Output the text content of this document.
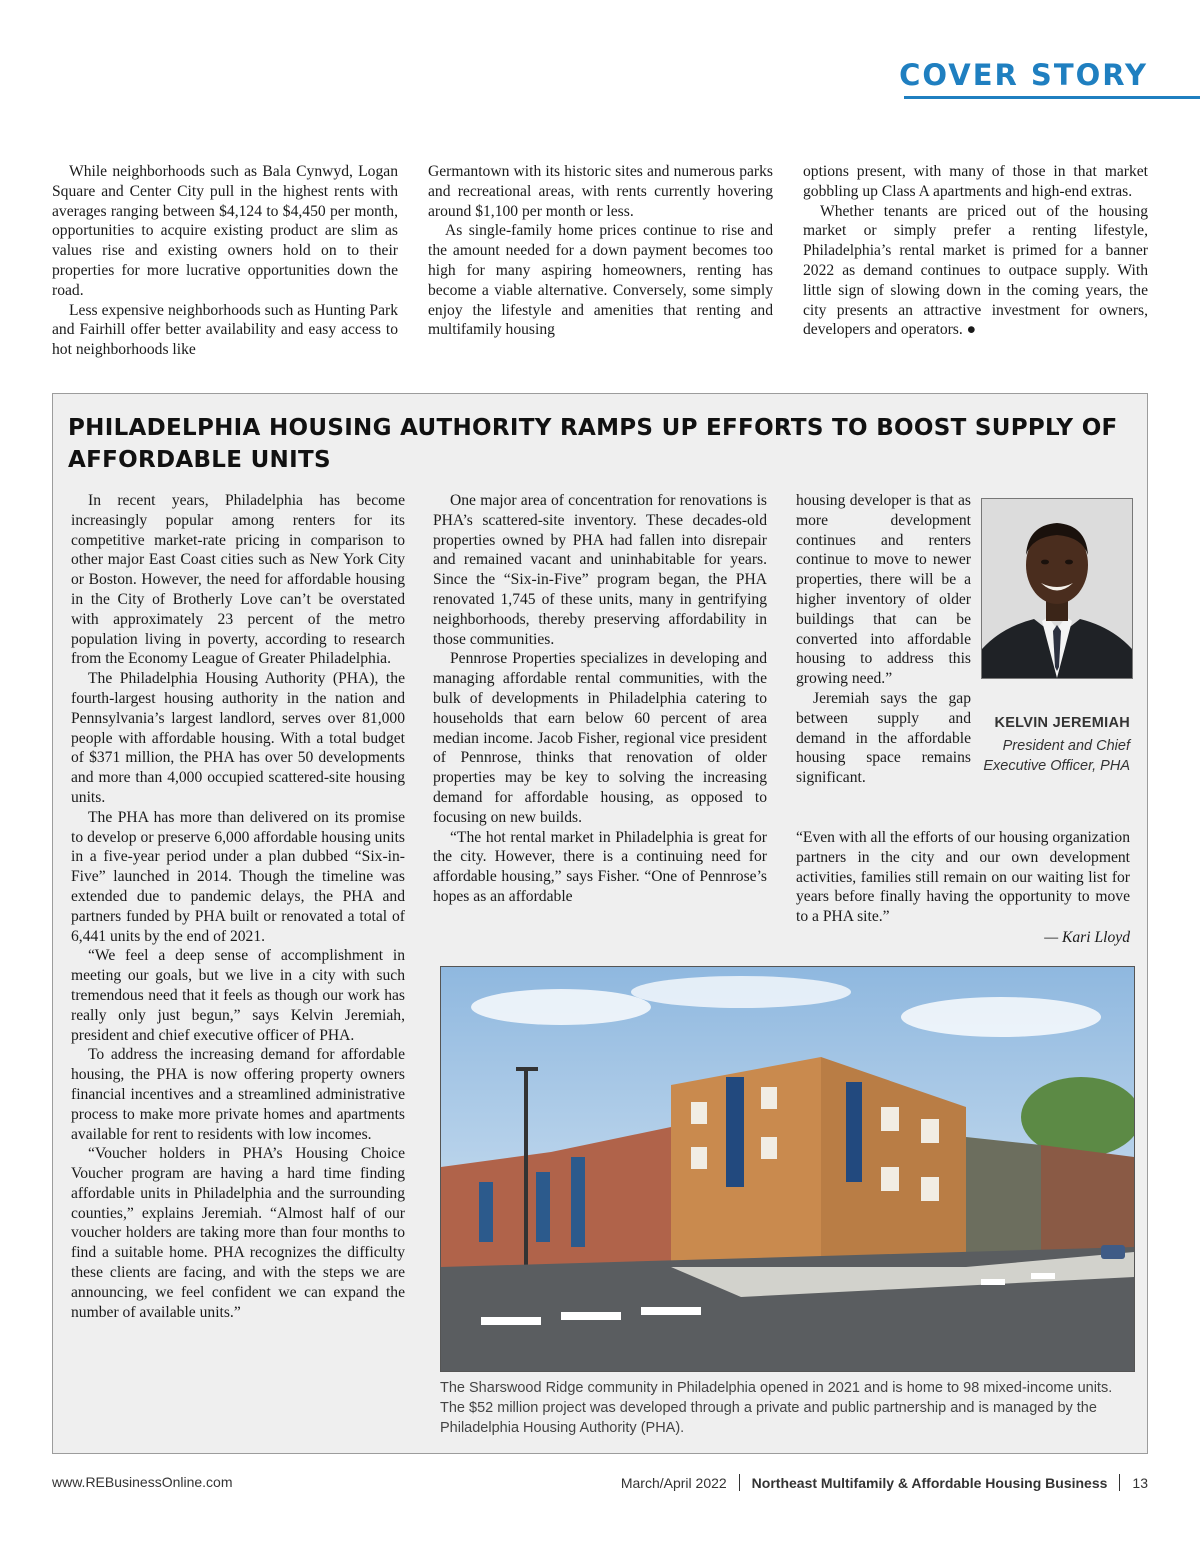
COVER STORY

While neighborhoods such as Bala Cynwyd, Logan Square and Center City pull in the highest rents with averages ranging between $4,124 to $4,450 per month, opportunities to acquire existing product are slim as values rise and existing owners hold on to their properties for more lucrative opportunities down the road.

Less expensive neighborhoods such as Hunting Park and Fairhill offer better availability and easy access to hot neighborhoods like

Germantown with its historic sites and numerous parks and recreational areas, with rents currently hovering around $1,100 per month or less.

As single-family home prices continue to rise and the amount needed for a down payment becomes too high for many aspiring homeowners, renting has become a viable alternative. Conversely, some simply enjoy the lifestyle and amenities that renting and multifamily housing

options present, with many of those in that market gobbling up Class A apartments and high-end extras.

Whether tenants are priced out of the housing market or simply prefer a renting lifestyle, Philadelphia’s rental market is primed for a banner 2022 as demand continues to outpace supply. With little sign of slowing down in the coming years, the city presents an attractive investment for owners, developers and operators. ●

PHILADELPHIA HOUSING AUTHORITY RAMPS UP EFFORTS TO BOOST SUPPLY OF AFFORDABLE UNITS

In recent years, Philadelphia has become increasingly popular among renters for its competitive market-rate pricing in comparison to other major East Coast cities such as New York City or Boston. However, the need for affordable housing in the City of Brotherly Love can’t be overstated with approximately 23 percent of the metro population living in poverty, according to research from the Economy League of Greater Philadelphia.

The Philadelphia Housing Authority (PHA), the fourth-largest housing authority in the nation and Pennsylvania’s largest landlord, serves over 81,000 people with affordable housing. With a total budget of $371 million, the PHA has over 50 developments and more than 4,000 occupied scattered-site housing units.

The PHA has more than delivered on its promise to develop or preserve 6,000 affordable housing units in a five-year period under a plan dubbed “Six-in-Five” launched in 2014. Though the timeline was extended due to pandemic delays, the PHA and partners funded by PHA built or renovated a total of 6,441 units by the end of 2021.

“We feel a deep sense of accomplishment in meeting our goals, but we live in a city with such tremendous need that it feels as though our work has really only just begun,” says Kelvin Jeremiah, president and chief executive officer of PHA.

To address the increasing demand for affordable housing, the PHA is now offering property owners financial incentives and a streamlined administrative process to make more private homes and apartments available for rent to residents with low incomes.

“Voucher holders in PHA’s Housing Choice Voucher program are having a hard time finding affordable units in Philadelphia and the surrounding counties,” explains Jeremiah. “Almost half of our voucher holders are taking more than four months to find a suitable home. PHA recognizes the difficulty these clients are facing, and with the steps we are announcing, we feel confident we can expand the number of available units.”

One major area of concentration for renovations is PHA’s scattered-site inventory. These decades-old properties owned by PHA had fallen into disrepair and remained vacant and uninhabitable for years. Since the “Six-in-Five” program began, the PHA renovated 1,745 of these units, many in gentrifying neighborhoods, thereby preserving affordability in those communities.

Pennrose Properties specializes in developing and managing affordable rental communities, with the bulk of developments in Philadelphia catering to households that earn below 60 percent of area median income. Jacob Fisher, regional vice president of Pennrose, thinks that renovation of older properties may be key to solving the increasing demand for affordable housing, as opposed to focusing on new builds.

“The hot rental market in Philadelphia is great for the city. However, there is a continuing need for affordable housing,” says Fisher. “One of Pennrose’s hopes as an affordable

housing developer is that as more development continues and renters continue to move to newer properties, there will be a higher inventory of older buildings that can be converted into affordable housing to address this growing need.”

Jeremiah says the gap between supply and demand in the affordable housing space remains significant.

“Even with all the efforts of our housing organization partners in the city and our own development activities, families still remain on our waiting list for years before finally having the opportunity to move to a PHA site.”

— Kari Lloyd
KELVIN JEREMIAH
President and Chief Executive Officer, PHA
The Sharswood Ridge community in Philadelphia opened in 2021 and is home to 98 mixed-income units. The $52 million project was developed through a private and public partnership and is managed by the Philadelphia Housing Authority (PHA).
www.REBusinessOnline.com	March/April 2022 Northeast Multifamily & Affordable Housing Business 13
